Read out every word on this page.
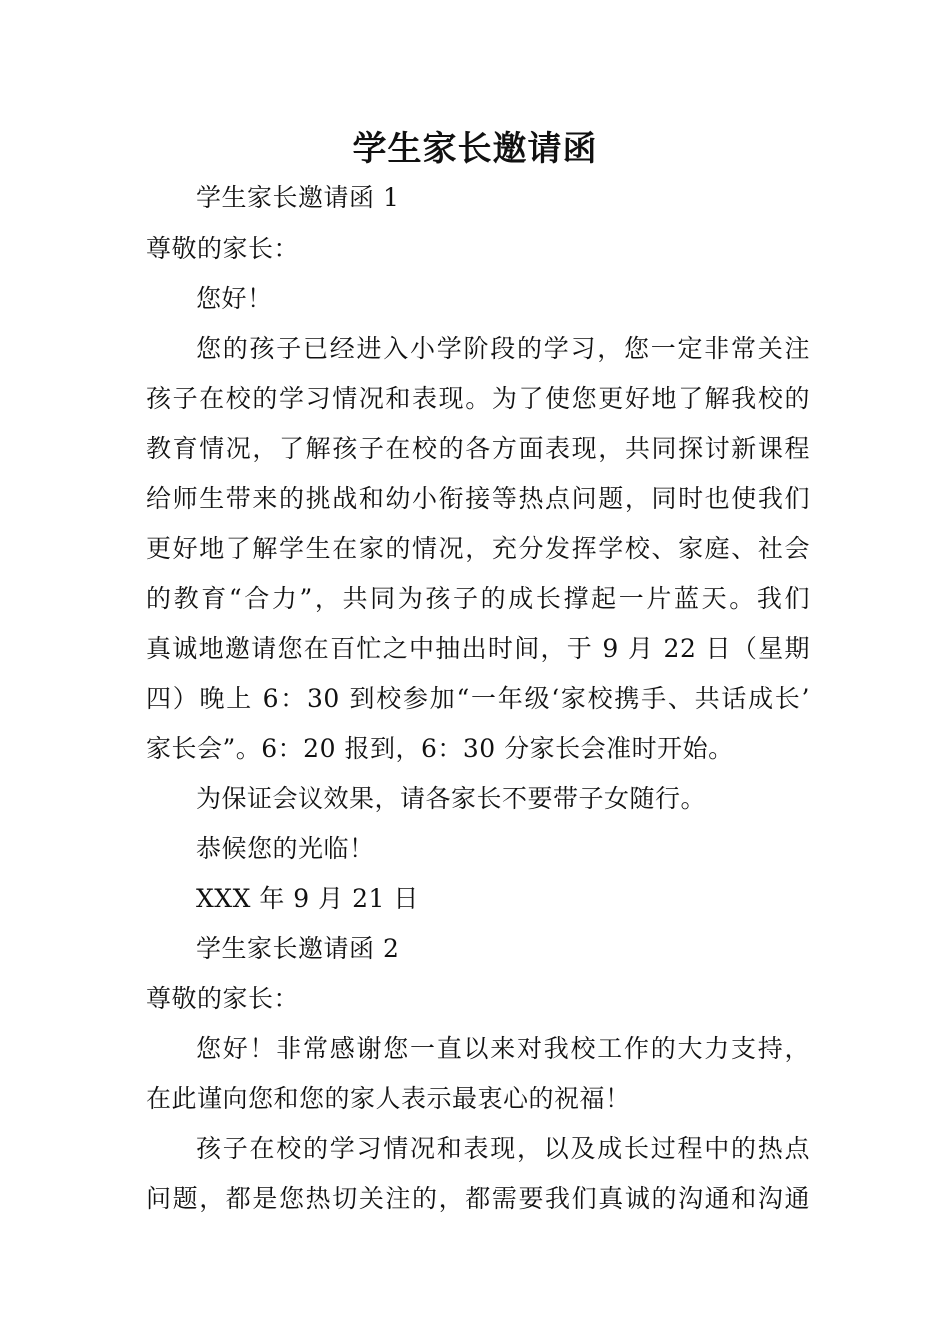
学生家长邀请函
学生家长邀请函 1
尊敬的家长：
您好！
您的孩子已经进入小学阶段的学习，您一定非常关注
孩子在校的学习情况和表现。为了使您更好地了解我校的
教育情况，了解孩子在校的各方面表现，共同探讨新课程
给师生带来的挑战和幼小衔接等热点问题，同时也使我们
更好地了解学生在家的情况，充分发挥学校、家庭、社会
的教育“合力”，共同为孩子的成长撑起一片蓝天。我们
真诚地邀请您在百忙之中抽出时间，于 9 月 22 日（星期
四）晚上 6：30 到校参加“一年级‘家校携手、共话成长’
家长会”。6：20 报到，6：30 分家长会准时开始。
为保证会议效果，请各家长不要带子女随行。
恭候您的光临！
XXX 年 9 月 21 日
学生家长邀请函 2
尊敬的家长：
您好！非常感谢您一直以来对我校工作的大力支持，
在此谨向您和您的家人表示最衷心的祝福！
孩子在校的学习情况和表现，以及成长过程中的热点
问题，都是您热切关注的，都需要我们真诚的沟通和沟通
